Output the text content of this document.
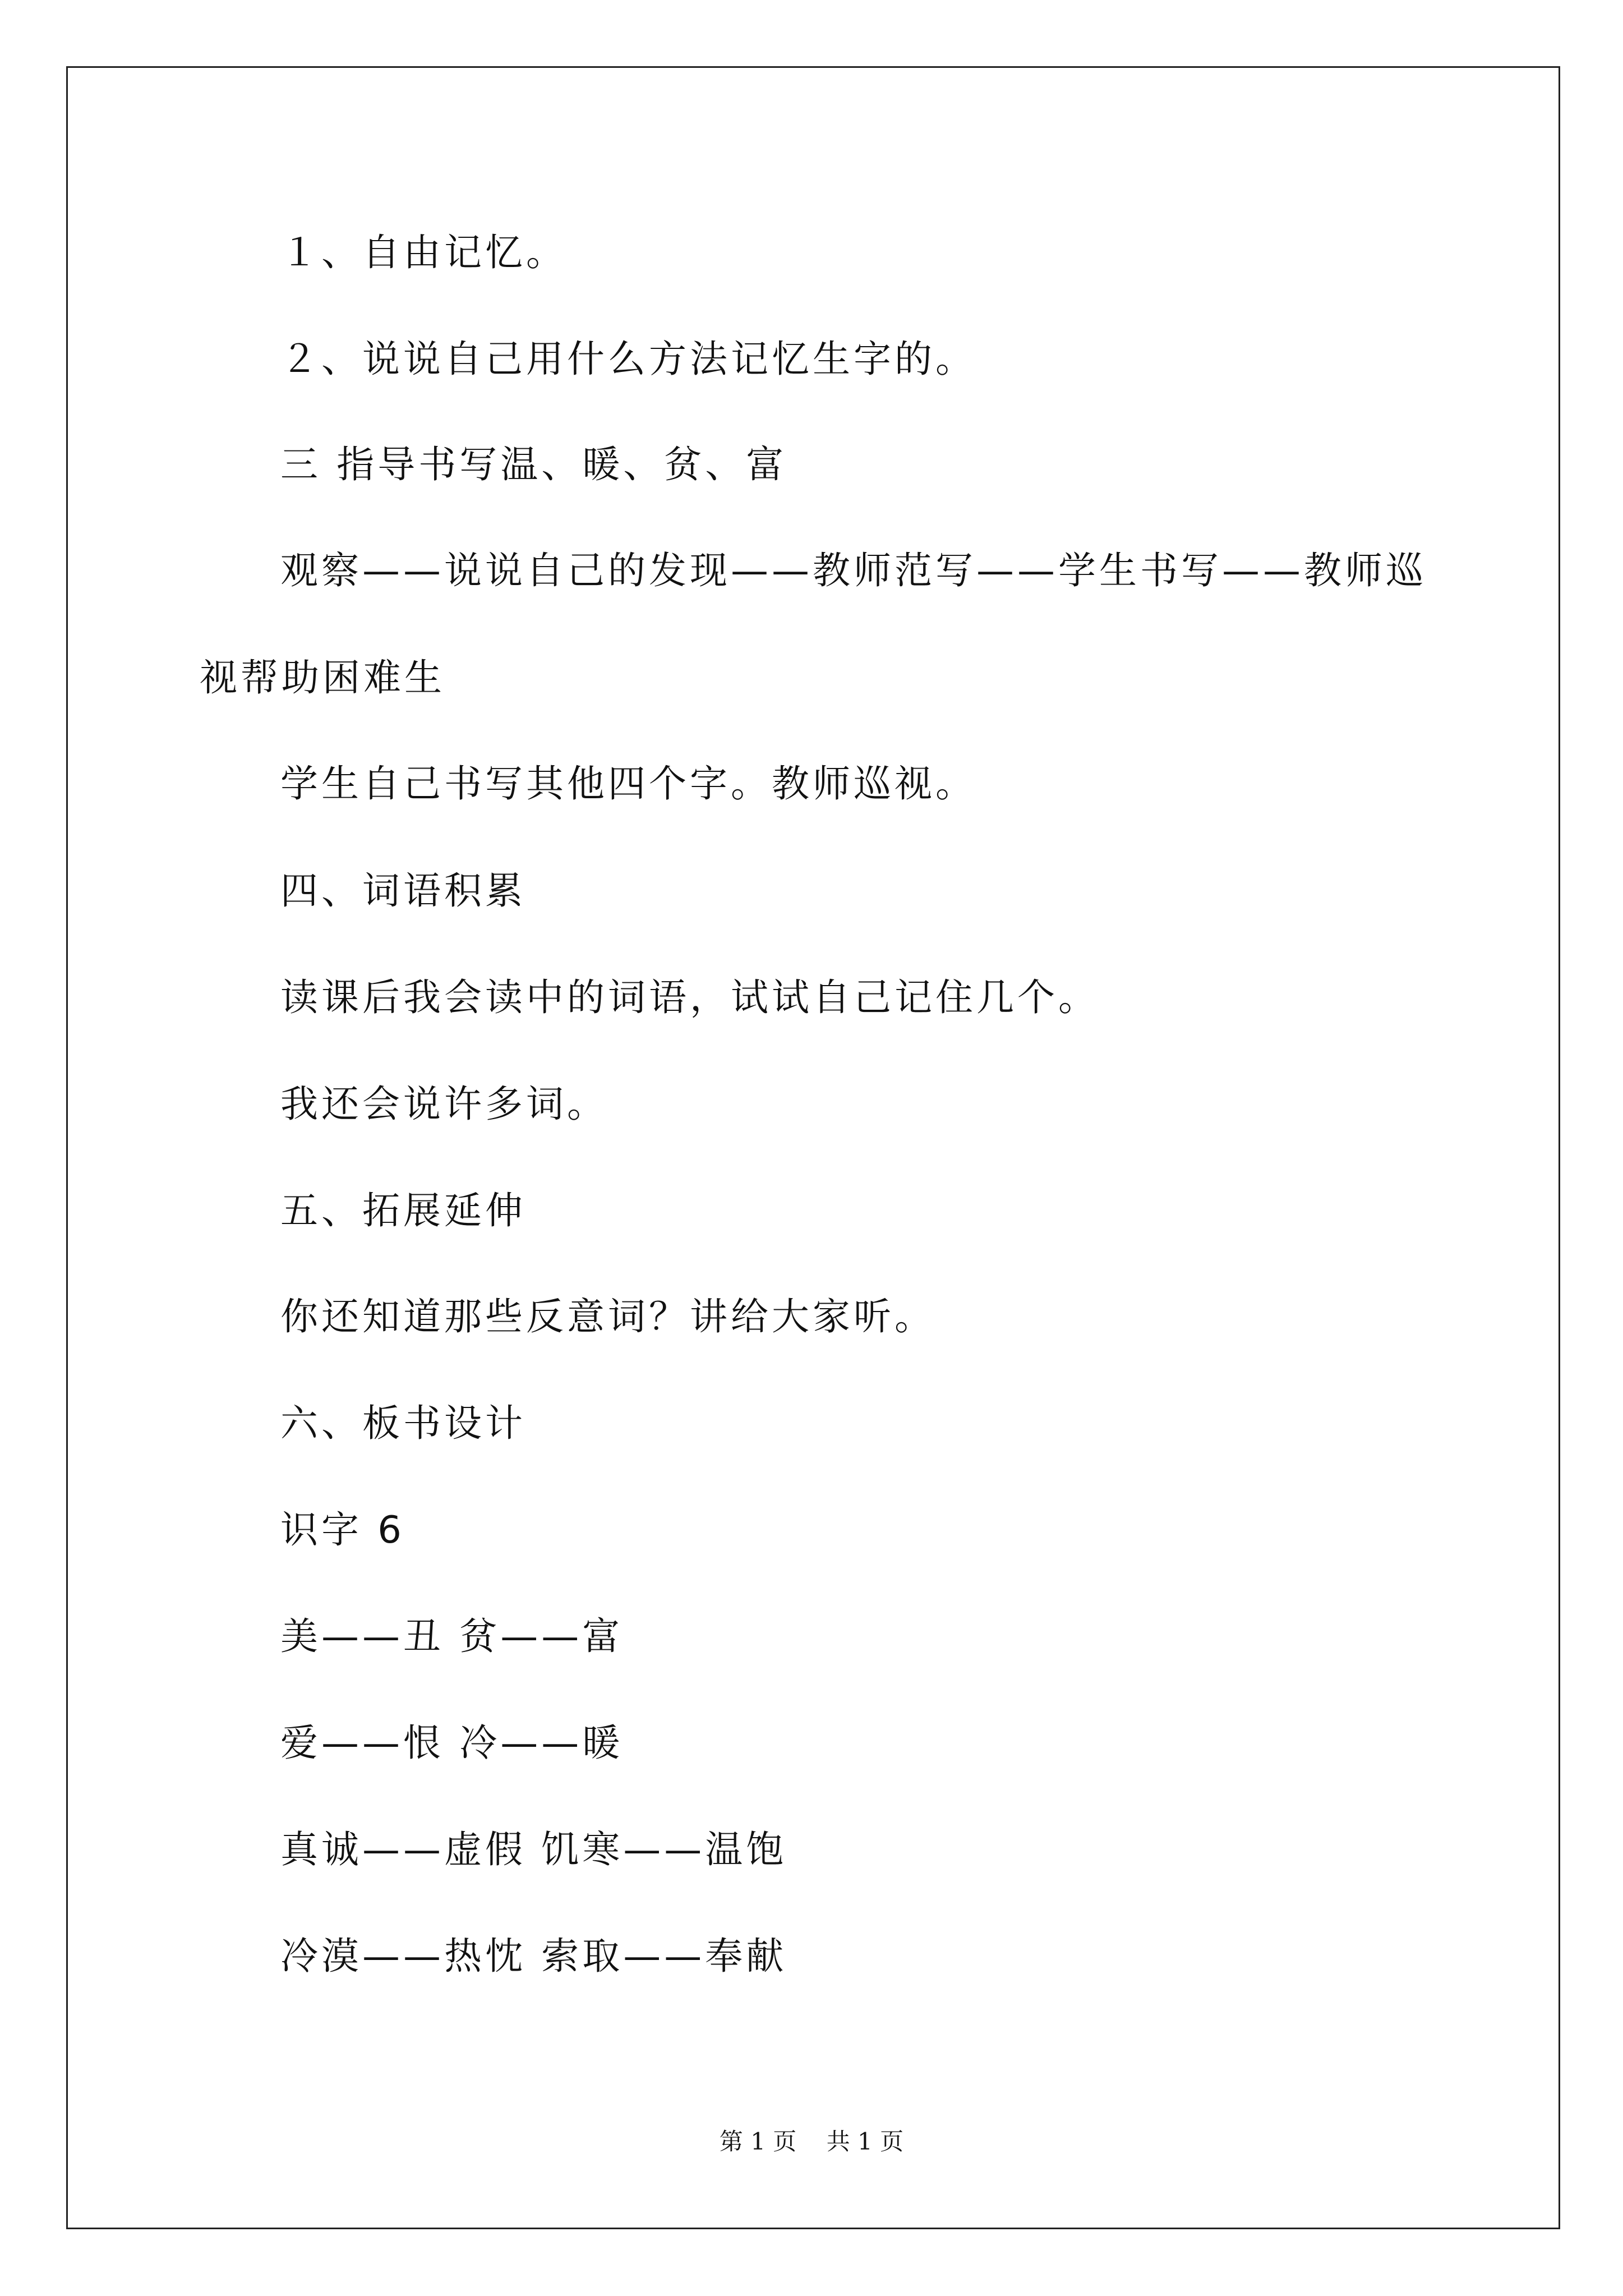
１、自由记忆。
２、说说自己用什么方法记忆生字的。
三 指导书写温、暖、贫、富
观察——说说自己的发现——教师范写——学生书写——教师巡
视帮助困难生
学生自己书写其他四个字。教师巡视。
四、词语积累
读课后我会读中的词语，试试自己记住几个。
我还会说许多词。
五、拓展延伸
你还知道那些反意词？讲给大家听。
六、板书设计
识字 6
美——丑 贫——富
爱——恨 冷——暖
真诚——虚假 饥寒——温饱
冷漠——热忱 索取——奉献
第 1 页    共 1 页
